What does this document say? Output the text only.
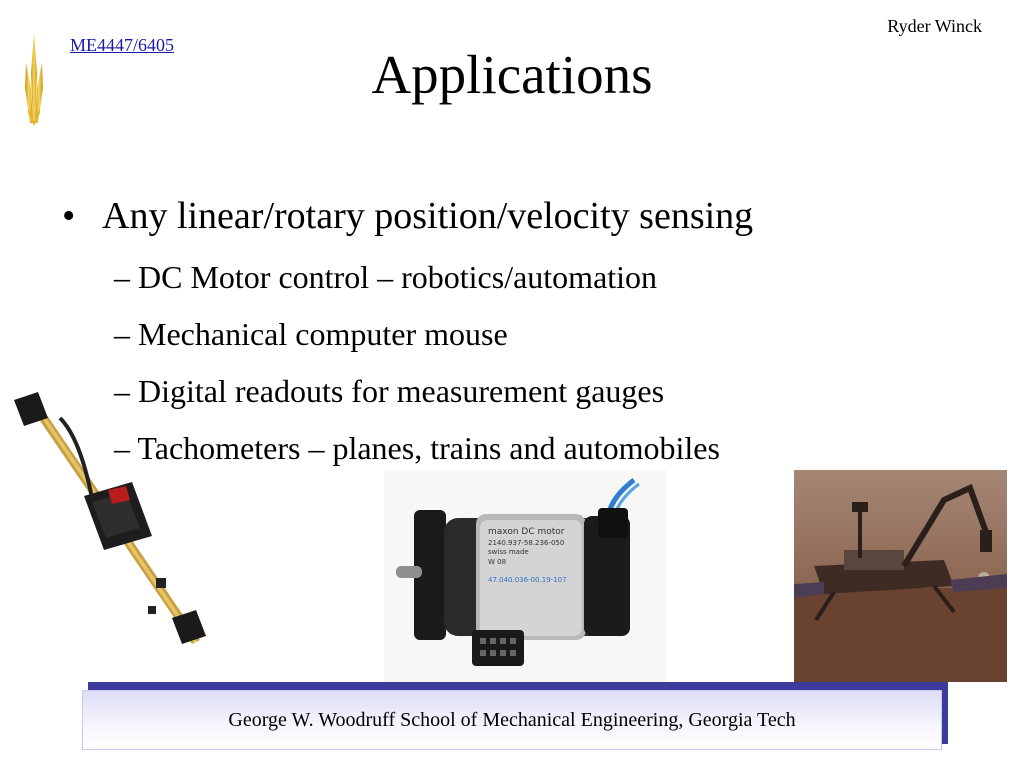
ME4447/6405
Ryder Winck
Applications
• Any linear/rotary position/velocity sensing
– DC Motor control – robotics/automation
– Mechanical computer mouse
– Digital readouts for measurement gauges
– Tachometers – planes, trains and automobiles
maxon DC motor
2140.937-58.236-050
swiss made
W 08
47.040.036-00.19-107
George W. Woodruff School of Mechanical Engineering, Georgia Tech
